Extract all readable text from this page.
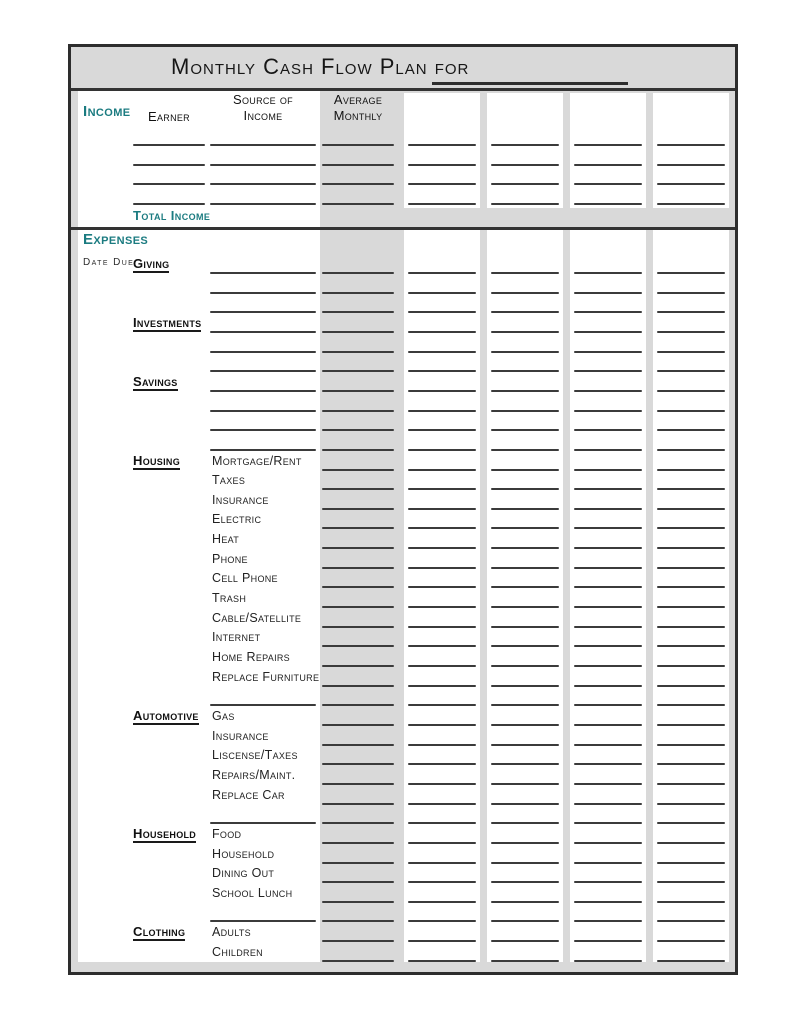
Monthly Cash Flow Plan for
Income	Earner
Source of
Income
Average
Monthly
Total Income
Expenses
Date Due
Giving
Investments
Savings
Housing	Mortgage/Rent
Taxes
Insurance
Electric
Heat
Phone
Cell Phone
Trash
Cable/Satellite
Internet
Home Repairs
Replace Furniture
Automotive Gas
Insurance
Liscense/Taxes
Repairs/Maint.
Replace Car
Household Food
Household
Dining Out
School Lunch
Clothing Adults
Children
